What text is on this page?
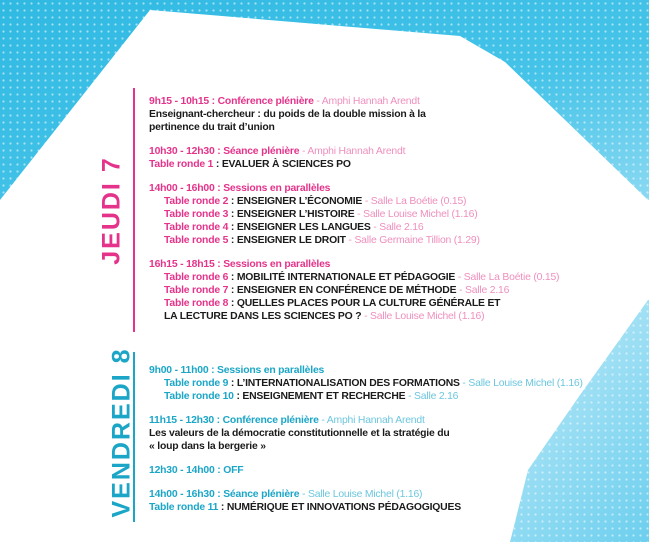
JEUDI 7
9h15 - 10h15 : Conférence plénière - Amphi Hannah Arendt
Enseignant-chercheur : du poids de la double mission à la
pertinence du trait d’union
10h30 - 12h30 : Séance plénière - Amphi Hannah Arendt
Table ronde 1 : EVALUER À SCIENCES PO
14h00 - 16h00 : Sessions en parallèles
Table ronde 2 : ENSEIGNER L’ÉCONOMIE - Salle La Boétie (0.15)
Table ronde 3 : ENSEIGNER L’HISTOIRE - Salle Louise Michel (1.16)
Table ronde 4 : ENSEIGNER LES LANGUES - Salle 2.16
Table ronde 5 : ENSEIGNER LE DROIT - Salle Germaine Tillion (1.29)
16h15 - 18h15 : Sessions en parallèles
Table ronde 6 : MOBILITÉ INTERNATIONALE ET PÉDAGOGIE - Salle La Boétie (0.15)
Table ronde 7 : ENSEIGNER EN CONFÉRENCE DE MÉTHODE - Salle 2.16
Table ronde 8 : QUELLES PLACES POUR LA CULTURE GÉNÉRALE ET
LA LECTURE DANS LES SCIENCES PO ? - Salle Louise Michel (1.16)
VENDREDI 8 9h00 - 11h00 : Sessions en parallèles
Table ronde 9 : L’INTERNATIONALISATION DES FORMATIONS - Salle Louise Michel (1.16)
Table ronde 10 : ENSEIGNEMENT ET RECHERCHE - Salle 2.16
11h15 - 12h30 : Conférence plénière - Amphi Hannah Arendt
Les valeurs de la démocratie constitutionnelle et la stratégie du
« loup dans la bergerie »
12h30 - 14h00 : OFF
14h00 - 16h30 : Séance plénière - Salle Louise Michel (1.16)
Table ronde 11 : NUMÉRIQUE ET INNOVATIONS PÉDAGOGIQUES
